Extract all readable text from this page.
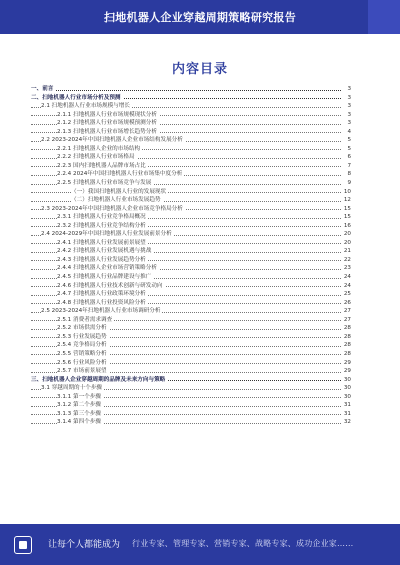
扫地机器人企业穿越周期策略研究报告
内容目录
一、前言	3
二、扫地机器人行业市场分析及预测	3
2.1 扫地机器人行业市场规模与增长	3
2.1.1 扫地机器人行业市场规模现状分析	3
2.1.2 扫地机器人行业市场规模预测分析	3
2.1.3 扫地机器人行业市场增长趋势分析	4
2.2 2023-2024年中国扫地机器人企业市场结构发展分析	5
2.2.1 扫地机器人企业的市场结构	5
2.2.2 扫地机器人行业市场格局	6
2.2.3 国内扫地机器人品牌市场占比	7
2.2.4 2024年中国扫地机器人行业市场集中度分析	8
2.2.5 扫地机器人行业市场竞争与发展	9
（一）我国扫地机器人行业的发展现状	10
（二）扫地机器人行业市场发展趋势	12
2.3 2023-2024年中国扫地机器人企业市场竞争格局分析	15
2.3.1 扫地机器人行业竞争格局概况	15
2.3.2 扫地机器人行业竞争结构分析	16
2.4 2024-2029年中国扫地机器人行业发展前景分析	20
2.4.1 扫地机器人行业发展前景展望	20
2.4.2 扫地机器人行业发展机遇与挑战	21
2.4.3 扫地机器人行业发展趋势分析	22
2.4.4 扫地机器人企业市场营销策略分析	23
2.4.5 扫地机器人行业品牌建设与推广	24
2.4.6 扫地机器人行业技术创新与研发动向	24
2.4.7 扫地机器人行业政策环境分析	25
2.4.8 扫地机器人行业投资风险分析	26
2.5 2023-2024年扫地机器人行业市场调研分析	27
2.5.1 消费者需求调查	27
2.5.2 市场供需分析	28
2.5.3 行业发展趋势	28
2.5.4 竞争格局分析	28
2.5.5 营销策略分析	28
2.5.6 行业风险分析	29
2.5.7 市场前景展望	29
三、扫地机器人企业穿越周期的品牌及未来方向与策略	30
3.1 穿越周期的十个步骤	30
3.1.1 第一个步骤	30
3.1.2 第二个步骤	31
3.1.3 第三个步骤	31
3.1.4 第四个步骤	32
让每个人都能成为 行业专家、管理专家、营销专家、战略专家、成功企业家……
